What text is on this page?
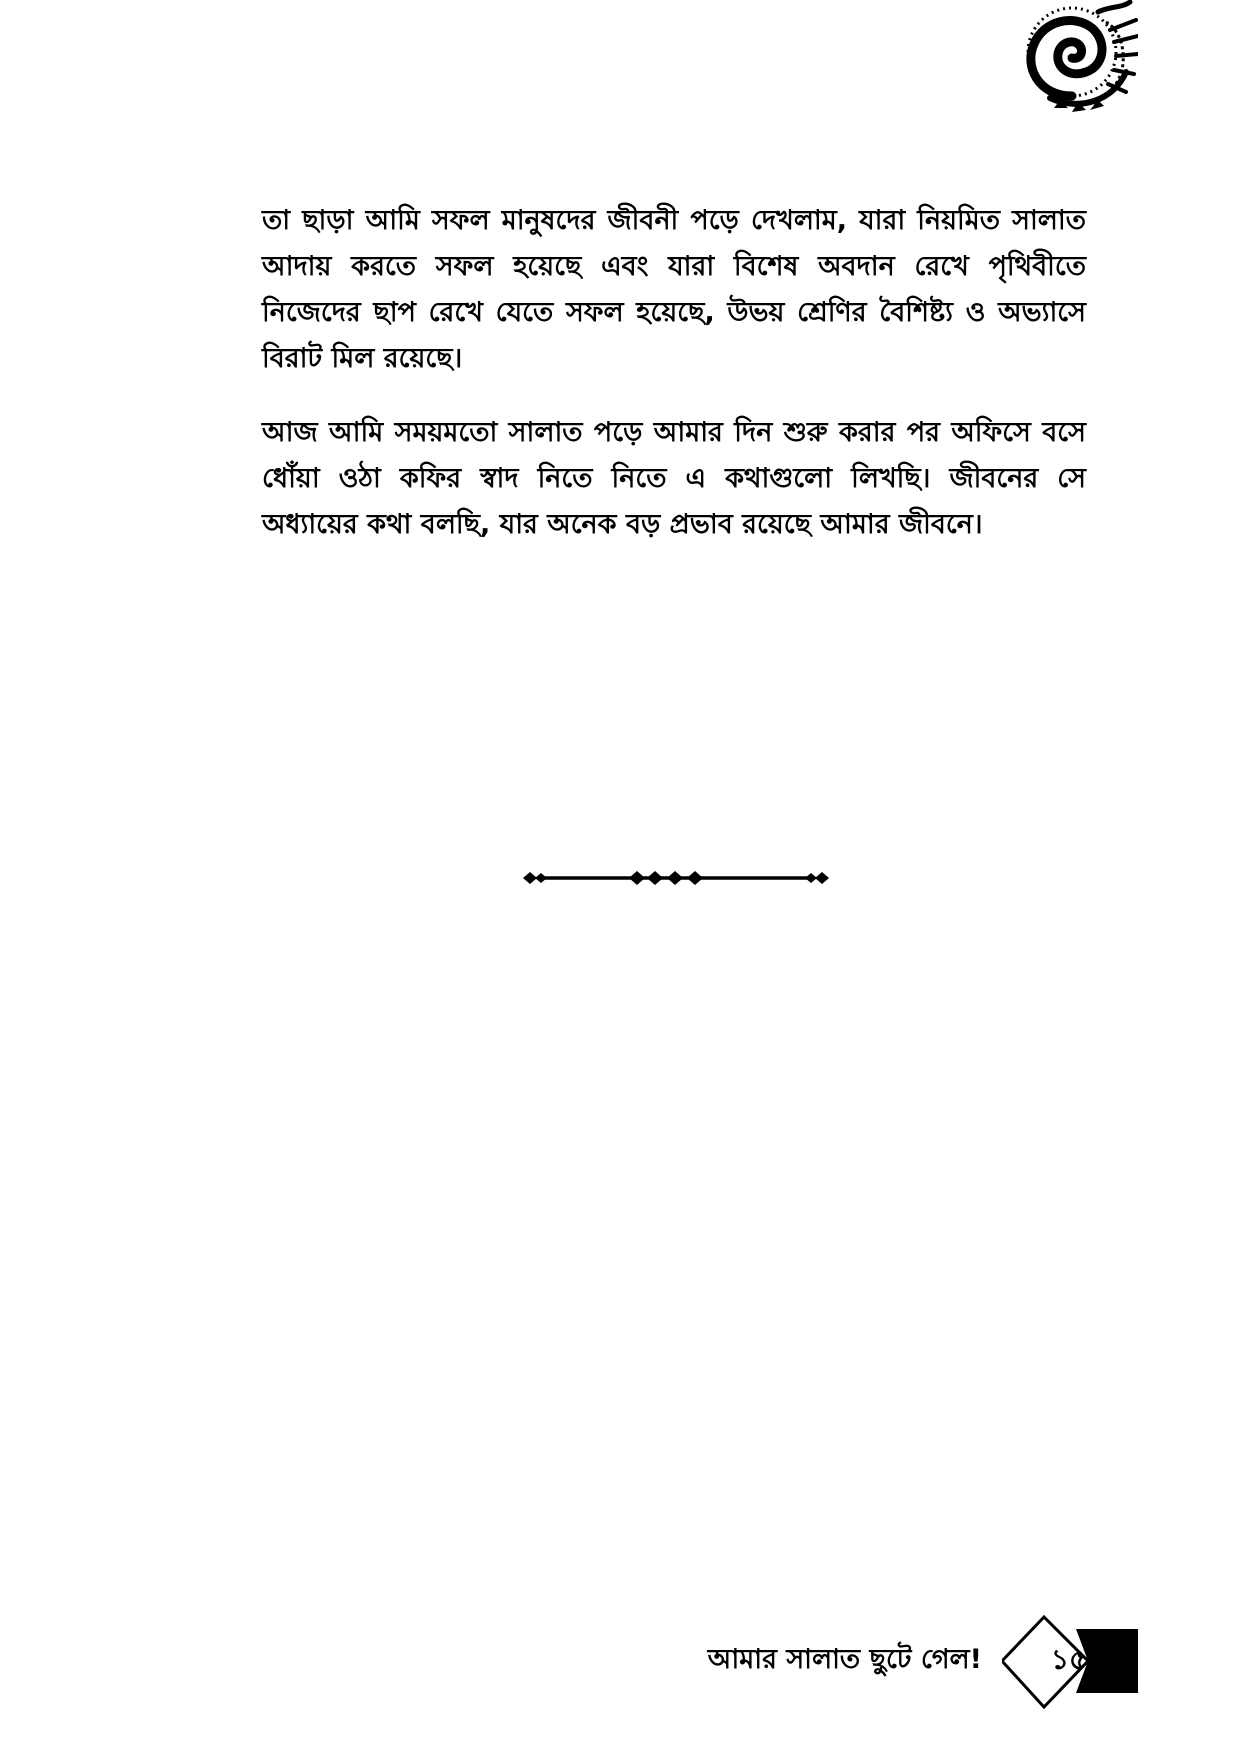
তা ছাড়া আমি সফল মানুষদের জীবনী পড়ে দেখলাম, যারা নিয়মিত সালাত আদায় করতে সফল হয়েছে এবং যারা বিশেষ অবদান রেখে পৃথিবীতে নিজেদের ছাপ রেখে যেতে সফল হয়েছে, উভয় শ্রেণির বৈশিষ্ট্য ও অভ্যাসে বিরাট মিল রয়েছে।

আজ আমি সময়মতো সালাত পড়ে আমার দিন শুরু করার পর অফিসে বসে ধোঁয়া ওঠা কফির স্বাদ নিতে নিতে এ কথাগুলো লিখছি। জীবনের সে অধ্যায়ের কথা বলছি, যার অনেক বড় প্রভাব রয়েছে আমার জীবনে।

আমার সালাত ছুটে গেল!	১৫
